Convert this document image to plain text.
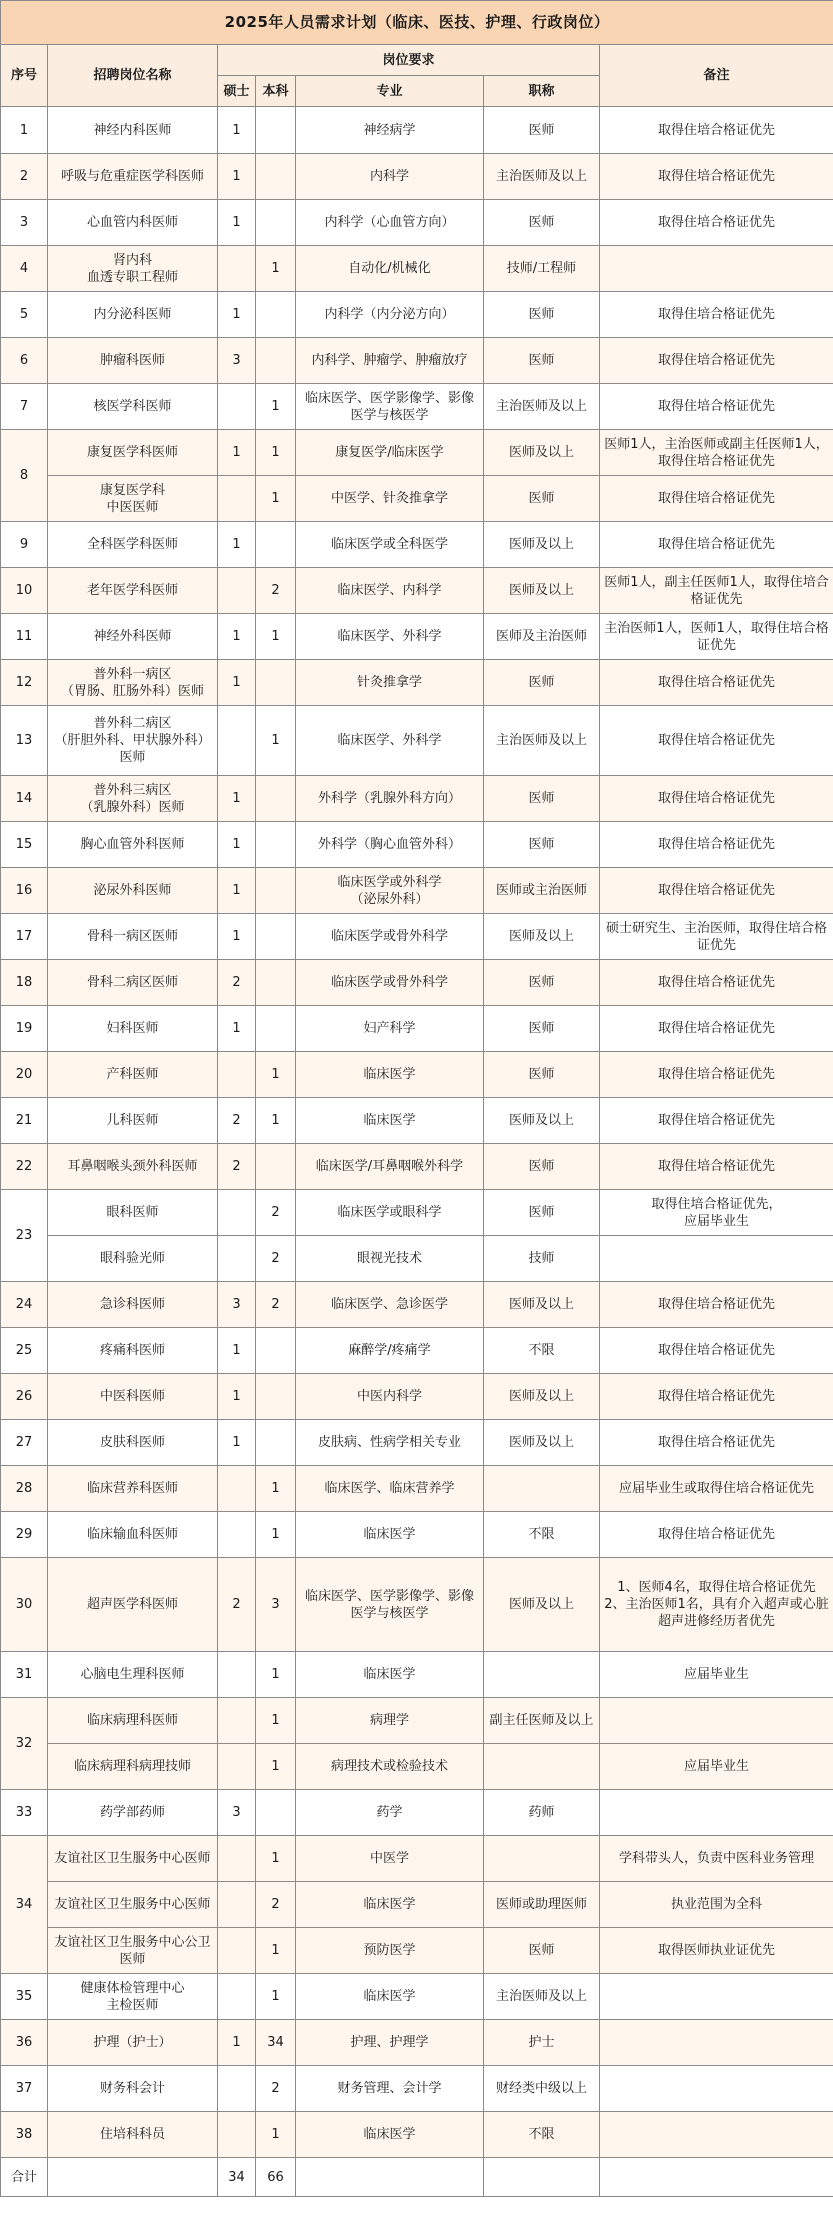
2025年人员需求计划（临床、医技、护理、行政岗位）						
序号	招聘岗位名称	岗位要求				备注
		硕士	本科	专业	职称	
1	神经内科医师	1		神经病学	医师	取得住培合格证优先
2	呼吸与危重症医学科医师	1		内科学	主治医师及以上	取得住培合格证优先
3	心血管内科医师	1		内科学（心血管方向）	医师	取得住培合格证优先
4	肾内科
血透专职工程师		1	自动化/机械化	技师/工程师	
5	内分泌科医师	1		内科学（内分泌方向）	医师	取得住培合格证优先
6	肿瘤科医师	3		内科学、肿瘤学、肿瘤放疗	医师	取得住培合格证优先
7	核医学科医师		1	临床医学、医学影像学、影像医学与核医学	主治医师及以上	取得住培合格证优先
8	康复医学科医师	1	1	康复医学/临床医学	医师及以上	医师1人，主治医师或副主任医师1人，取得住培合格证优先
	康复医学科
中医医师		1	中医学、针灸推拿学	医师	取得住培合格证优先
9	全科医学科医师	1		临床医学或全科医学	医师及以上	取得住培合格证优先
10	老年医学科医师		2	临床医学、内科学	医师及以上	医师1人，副主任医师1人，取得住培合格证优先
11	神经外科医师	1	1	临床医学、外科学	医师及主治医师	主治医师1人，医师1人，取得住培合格证优先
12	普外科一病区
（胃肠、肛肠外科）医师	1		针灸推拿学	医师	取得住培合格证优先
13	普外科二病区
（肝胆外科、甲状腺外科）医师		1	临床医学、外科学	主治医师及以上	取得住培合格证优先
14	普外科三病区
（乳腺外科）医师	1		外科学（乳腺外科方向）	医师	取得住培合格证优先
15	胸心血管外科医师	1		外科学（胸心血管外科）	医师	取得住培合格证优先
16	泌尿外科医师	1		临床医学或外科学
（泌尿外科）	医师或主治医师	取得住培合格证优先
17	骨科一病区医师	1		临床医学或骨外科学	医师及以上	硕士研究生、主治医师，取得住培合格证优先
18	骨科二病区医师	2		临床医学或骨外科学	医师	取得住培合格证优先
19	妇科医师	1		妇产科学	医师	取得住培合格证优先
20	产科医师		1	临床医学	医师	取得住培合格证优先
21	儿科医师	2	1	临床医学	医师及以上	取得住培合格证优先
22	耳鼻咽喉头颈外科医师	2		临床医学/耳鼻咽喉外科学	医师	取得住培合格证优先
23	眼科医师		2	临床医学或眼科学	医师	取得住培合格证优先，
应届毕业生
	眼科验光师		2	眼视光技术	技师	
24	急诊科医师	3	2	临床医学、急诊医学	医师及以上	取得住培合格证优先
25	疼痛科医师	1		麻醉学/疼痛学	不限	取得住培合格证优先
26	中医科医师	1		中医内科学	医师及以上	取得住培合格证优先
27	皮肤科医师	1		皮肤病、性病学相关专业	医师及以上	取得住培合格证优先
28	临床营养科医师		1	临床医学、临床营养学		应届毕业生或取得住培合格证优先
29	临床输血科医师		1	临床医学	不限	取得住培合格证优先
30	超声医学科医师	2	3	临床医学、医学影像学、影像医学与核医学	医师及以上	1、医师4名，取得住培合格证优先
2、主治医师1名，具有介入超声或心脏超声进修经历者优先
31	心脑电生理科医师		1	临床医学		应届毕业生
32	临床病理科医师		1	病理学	副主任医师及以上	
	临床病理科病理技师		1	病理技术或检验技术		应届毕业生
33	药学部药师	3		药学	药师	
34	友谊社区卫生服务中心医师		1	中医学		学科带头人，负责中医科业务管理
	友谊社区卫生服务中心医师		2	临床医学	医师或助理医师	执业范围为全科
	友谊社区卫生服务中心公卫医师		1	预防医学	医师	取得医师执业证优先
35	健康体检管理中心
主检医师		1	临床医学	主治医师及以上	
36	护理（护士）	1	34	护理、护理学	护士	
37	财务科会计		2	财务管理、会计学	财经类中级以上	
38	住培科科员		1	临床医学	不限	
合计		34	66			
